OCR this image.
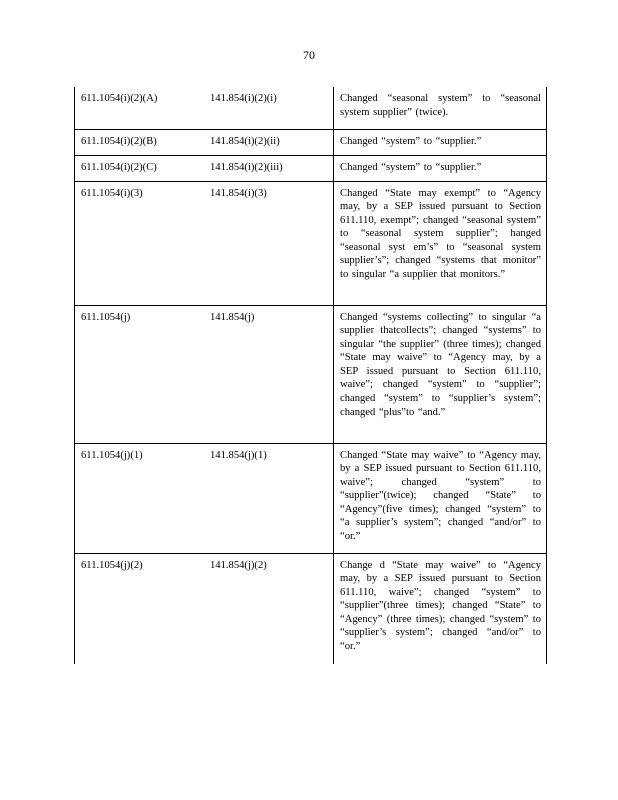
70
611.1054(i)(2)(A)	141.854(i)(2)(i)	Changed “seasonal system” to “seasonal system supplier” (twice).
611.1054(i)(2)(B)	141.854(i)(2)(ii)	Changed “system” to “supplier.”
611.1054(i)(2)(C)	141.854(i)(2)(iii)	Changed “system” to “supplier.”
611.1054(i)(3)	141.854(i)(3)	Changed “State may exempt” to “Agency may, by a SEP issued pursuant to Section 611.110, exempt”; changed “seasonal system” to “seasonal system supplier”; hanged “seasonal syst em’s” to “seasonal system supplier’s”; changed “systems that monitor” to singular “a supplier that monitors.”
611.1054(j)	141.854(j)	Changed “systems collecting” to singular “a supplier thatcollects”; changed “systems” to singular “the supplier” (three times); changed “State may waive” to “Agency may, by a SEP issued pursuant to Section 611.110, waive”; changed “system” to “supplier”; changed “system” to “supplier’s system”; changed “plus”to “and.”
611.1054(j)(1)	141.854(j)(1)	Changed “State may waive” to “Agency may, by a SEP issued pursuant to Section 611.110, waive”; changed “system” to “supplier”(twice); changed “State” to “Agency”(five times); changed “system” to “a supplier’s system”; changed “and/or” to “or.”
611.1054(j)(2)	141.854(j)(2)	Change d “State may waive” to “Agency may, by a SEP issued pursuant to Section 611.110, waive”; changed “system” to “supplier”(three times); changed “State” to “Agency” (three times); changed “system” to “supplier’s system”; changed “and/or” to “or.”
